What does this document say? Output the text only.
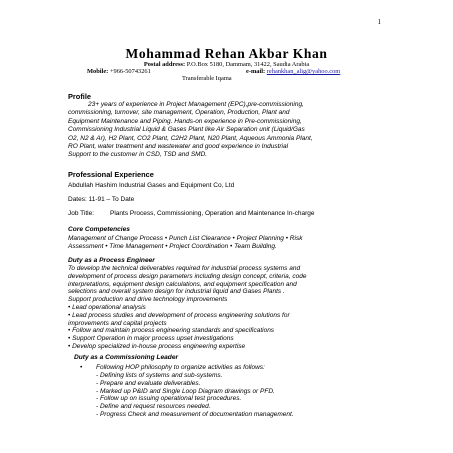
1
Mohammad Rehan Akbar Khan
Postal address: P.O.Box 5180, Dammam, 31422, Saudia Arabia
Mobile: +966-50743261	e-mail: rehankhan_alig@yahoo.com
Transferable Iqama
Profile
23+ years of experience in Project Management (EPC),pre-commissioning,
commissioning, turnover, site management, Operation, Production, Plant and
Equipment Maintenance and Piping. Hands-on experience in Pre-commissioning,
Commissioning Industrial Liquid & Gases Plant like Air Separation unit (Liquid/Gas
O2, N2 & Ar), H2 Plant, CO2 Plant, C2H2 Plant, N20 Plant, Aqueous Ammonia Plant,
RO Plant, water treatment and wastewater and good experience in Industrial
Support to the customer in CSD, TSD and SMD.
Professional Experience
Abdullah Hashim Industrial Gases and Equipment Co, Ltd
Dates: 11-91 – To Date
Job Title: Plants Process, Commissioning, Operation and Maintenance In-charge
Core Competencies
Management of Change Process • Punch List Clearance • Project Planning • Risk
Assessment • Time Management • Project Coordination • Team Building.
Duty as a Process Engineer
To develop the technical deliverables required for industrial process systems and
development of process design parameters including design concept, criteria, code
interpretations, equipment design calculations, and equipment specification and
selections and overall system design for industrial liquid and Gases Plants .
Support production and drive technology improvements
• Lead operational analysis
• Lead process studies and development of process engineering solutions for
improvements and capital projects
• Follow and maintain process engineering standards and specifications
• Support Operation in major process upset investigations
• Develop specialized in-house process engineering expertise
Duty as a Commissioning Leader
• Following HOP philosophy to organize activities as follows:
- Defining lists of systems and sub-systems.
- Prepare and evaluate deliverables.
- Marked up P&ID and Single Loop Diagram drawings or PFD.
- Follow up on issuing operational test procedures.
- Define and request resources needed.
- Progress Check and measurement of documentation management.
